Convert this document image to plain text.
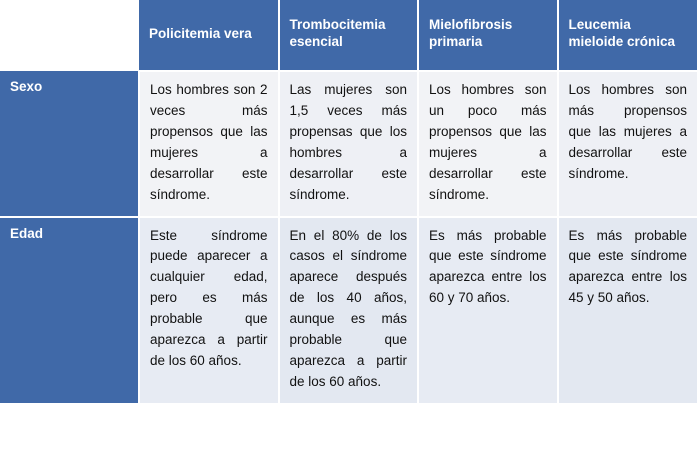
	Policitemia vera	Trombocitemia esencial	Mielofibrosis primaria	Leucemia mieloide crónica
Sexo	Los hombres son 2 veces más propensos que las mujeres a desarrollar este síndrome.	Las mujeres son 1,5 veces más propensas que los hombres a desarrollar este síndrome.	Los hombres son un poco más propensos que las mujeres a desarrollar este síndrome.	Los hombres son más propensos que las mujeres a desarrollar este síndrome.
Edad	Este síndrome puede aparecer a cualquier edad, pero es más probable que aparezca a partir de los 60 años.	En el 80% de los casos el síndrome aparece después de los 40 años, aunque es más probable que aparezca a partir de los 60 años.	Es más probable que este síndrome aparezca entre los 60 y 70 años.	Es más probable que este síndrome aparezca entre los 45 y 50 años.
